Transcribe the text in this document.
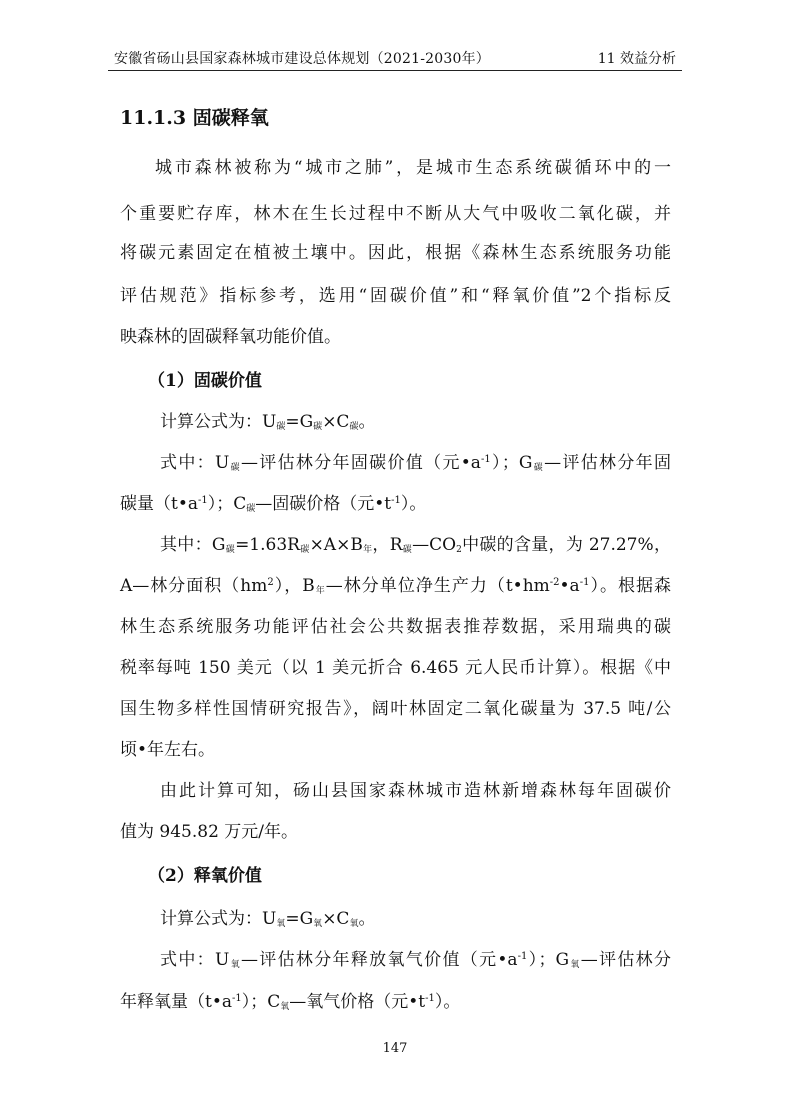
安徽省砀山县国家森林城市建设总体规划（2021-2030年）	11 效益分析
11.1.3 固碳释氧
城市森林被称为“城市之肺”，是城市生态系统碳循环中的一
个重要贮存库，林木在生长过程中不断从大气中吸收二氧化碳，并
将碳元素固定在植被土壤中。因此，根据《森林生态系统服务功能
评估规范》指标参考，选用“固碳价值”和“释氧价值”2个指标反
映森林的固碳释氧功能价值。
（1）固碳价值
计算公式为：$U_碳=G_碳\times C_碳$。
式中：$U_碳—$评估林分年固碳价值（元$•a^{-1}$）；$G_碳—$评估林分年固
碳量$(t•a^{-1})$；$C_碳—$固碳价格（元$•t^{-1}$）。
其中：$G_碳=1.63R_碳\times A\times B_年$，$R_碳—CO_2$中碳的含量，为 27.27%，
A—林分面积$(hm^2)$，$B_年—$林分单位净生产力$(t•hm^{-2}•a^{-1})$。根据森
林生态系统服务功能评估社会公共数据表推荐数据，采用瑞典的碳
税率每吨 150 美元（以 1 美元折合 6.465 元人民币计算）。根据《中
国生物多样性国情研究报告》，阔叶林固定二氧化碳量为 37.5 吨/公
顷•年左右。
由此计算可知，砀山县国家森林城市造林新增森林每年固碳价
值为 945.82 万元/年。
（2）释氧价值
计算公式为：$U_氧=G_氧\times C_氧$。
式中：$U_氧—$评估林分年释放氧气价值（元$•a^{-1}$）；$G_氧—$评估林分
年释氧量$(t•a^{-1})$；$C_氧—$氧气价格（元$•t^{-1}$）。
147
